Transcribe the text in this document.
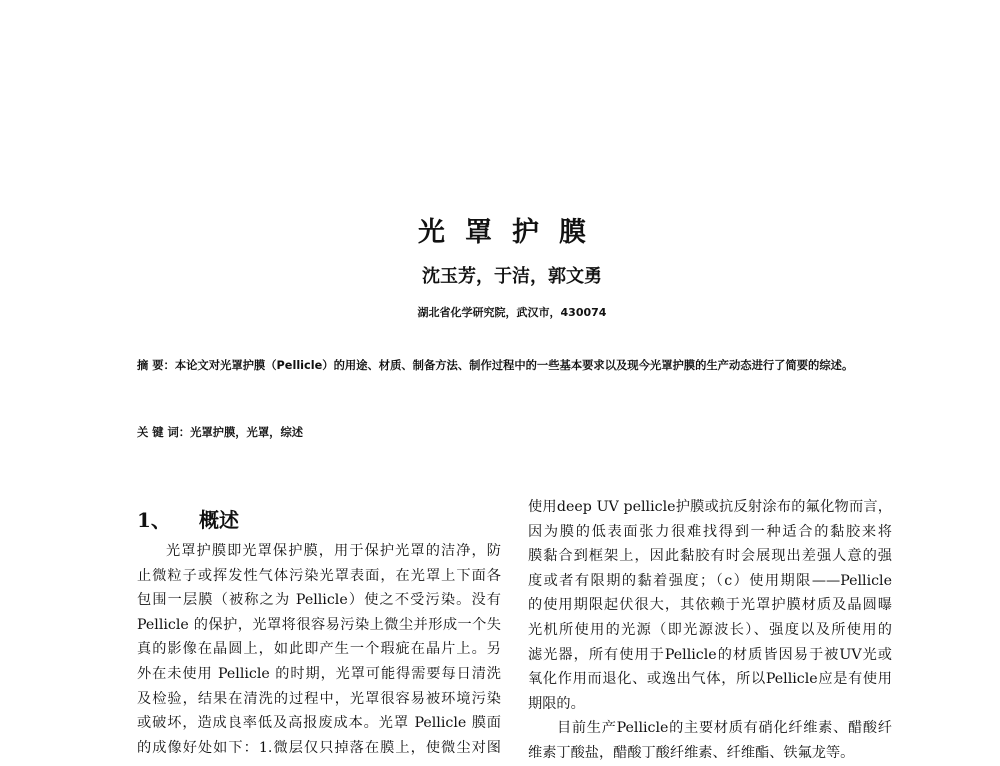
光罩护膜
沈玉芳，于洁，郭文勇
湖北省化学研究院，武汉市，430074
摘 要：本论文对光罩护膜（Pellicle）的用途、材质、制备方法、制作过程中的一些基本要求以及现今光罩护膜的生产动态进行了简要的综述。
关 键 词：光罩护膜，光罩，综述
1、 概述
光罩护膜即光罩保护膜，用于保护光罩的洁净，防
止微粒子或挥发性气体污染光罩表面，在光罩上下面各
包围一层膜（被称之为 Pellicle）使之不受污染。没有
Pellicle 的保护，光罩将很容易污染上微尘并形成一个失
真的影像在晶圆上，如此即产生一个瑕疵在晶片上。另
外在未使用 Pellicle 的时期，光罩可能得需要每日清洗
及检验，结果在清洗的过程中，光罩很容易被环境污染
或破坏，造成良率低及高报废成本。光罩 Pellicle 膜面
的成像好处如下：1.微层仅只掉落在膜上，使微尘对图
使用deep UV pellicle护膜或抗反射涂布的氟化物而言，
因为膜的低表面张力很难找得到一种适合的黏胶来将
膜黏合到框架上，因此黏胶有时会展现出差强人意的强
度或者有限期的黏着强度；（c）使用期限——Pellicle
的使用期限起伏很大，其依赖于光罩护膜材质及晶圆曝
光机所使用的光源（即光源波长）、强度以及所使用的
滤光器，所有使用于Pellicle的材质皆因易于被UV光或
氧化作用而退化、或逸出气体，所以Pellicle应是有使用
期限的。
目前生产Pellicle的主要材质有硝化纤维素、醋酸纤
维素丁酸盐，醋酸丁酸纤维素、纤维酯、铁氟龙等。
